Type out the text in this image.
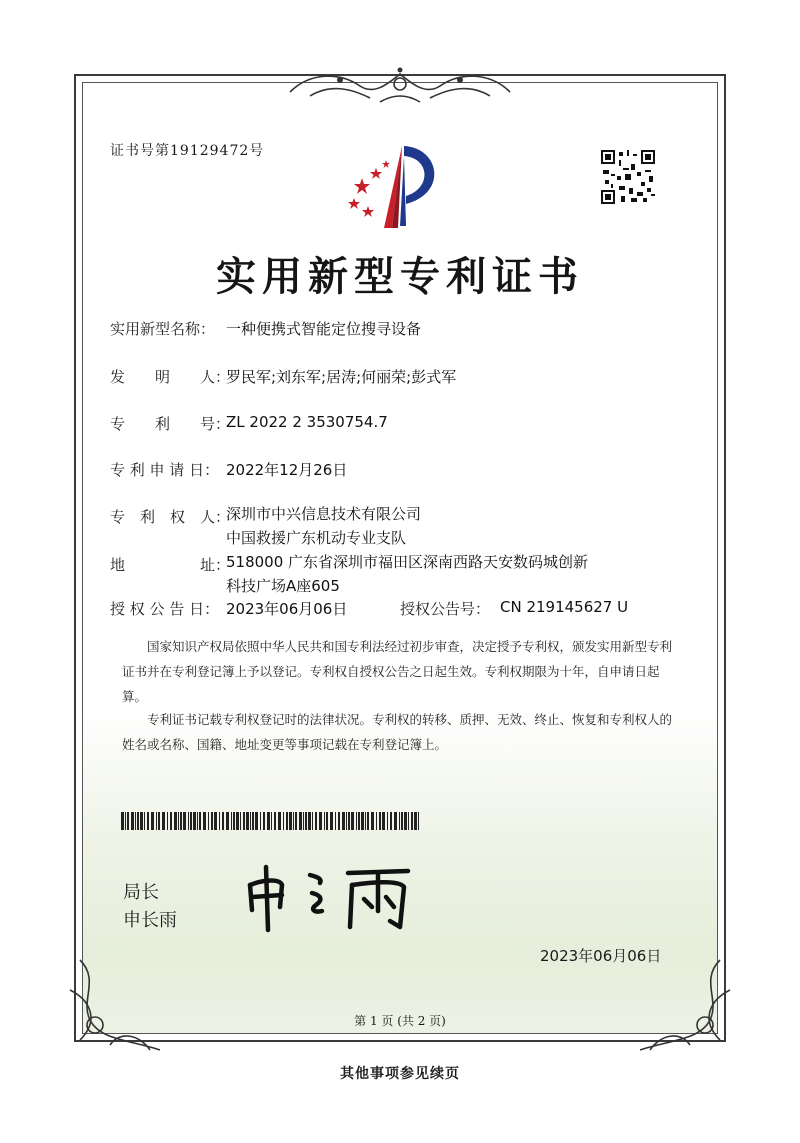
证书号第19129472号
实用新型专利证书
实用新型名称： 一种便携式智能定位搜寻设备
发　　明　　人：
罗民军;刘东军;居涛;何丽荣;彭式军
专　　利　　号：
ZL 2022 2 3530754.7
专 利 申 请 日： 2022年12月26日
专　利　权　人：
深圳市中兴信息技术有限公司
中国救援广东机动专业支队
地　　　　　址：
518000 广东省深圳市福田区深南西路天安数码城创新
科技广场A座605
授 权 公 告 日： 2023年06月06日	授权公告号： CN 219145627 U
国家知识产权局依照中华人民共和国专利法经过初步审查，决定授予专利权，颁发实用新型专利证书并在专利登记簿上予以登记。专利权自授权公告之日起生效。专利权期限为十年，自申请日起算。
专利证书记载专利权登记时的法律状况。专利权的转移、质押、无效、终止、恢复和专利权人的姓名或名称、国籍、地址变更等事项记载在专利登记簿上。
局长
申长雨
2023年06月06日
第 1 页 (共 2 页)
其他事项参见续页
